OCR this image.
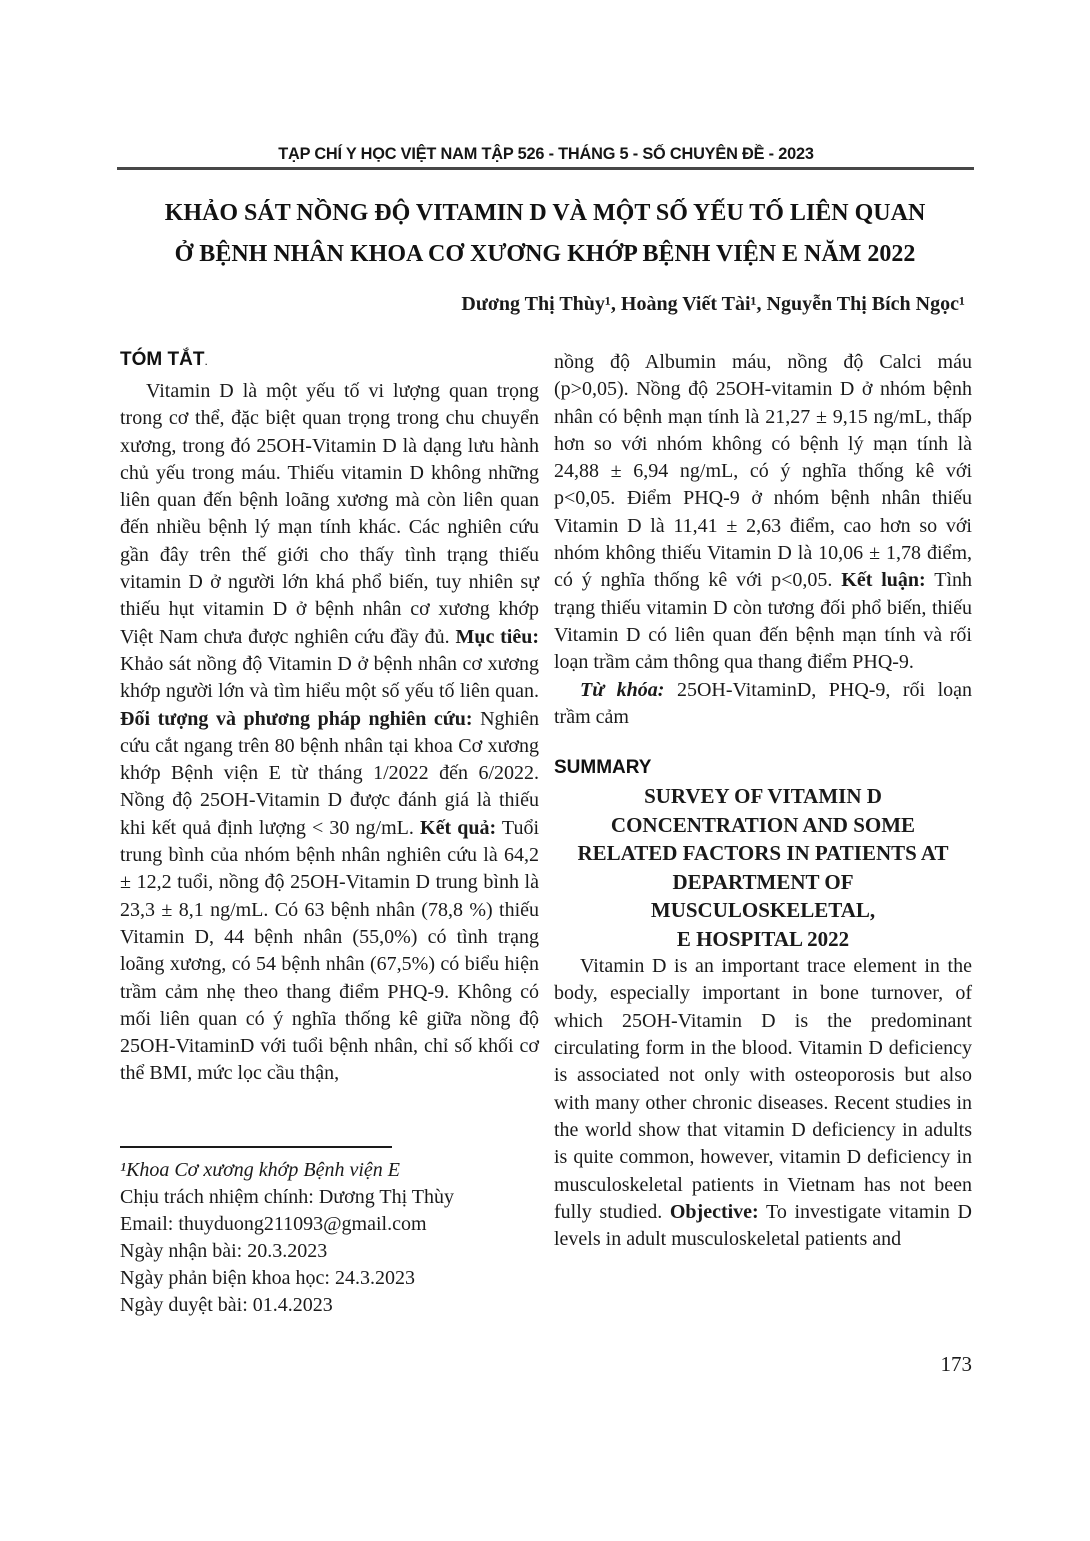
TẠP CHÍ Y HỌC VIỆT NAM TẬP 526 - THÁNG 5 - SỐ CHUYÊN ĐỀ - 2023
KHẢO SÁT NỒNG ĐỘ VITAMIN D VÀ MỘT SỐ YẾU TỐ LIÊN QUAN
Ở BỆNH NHÂN KHOA CƠ XƯƠNG KHỚP BỆNH VIỆN E NĂM 2022
Dương Thị Thùy¹, Hoàng Viết Tài¹, Nguyễn Thị Bích Ngọc¹
TÓM TẮT.

Vitamin D là một yếu tố vi lượng quan trọng trong cơ thể, đặc biệt quan trọng trong chu chuyển xương, trong đó 25OH-Vitamin D là dạng lưu hành chủ yếu trong máu. Thiếu vitamin D không những liên quan đến bệnh loãng xương mà còn liên quan đến nhiều bệnh lý mạn tính khác. Các nghiên cứu gần đây trên thế giới cho thấy tình trạng thiếu vitamin D ở người lớn khá phổ biến, tuy nhiên sự thiếu hụt vitamin D ở bệnh nhân cơ xương khớp Việt Nam chưa được nghiên cứu đầy đủ. Mục tiêu: Khảo sát nồng độ Vitamin D ở bệnh nhân cơ xương khớp người lớn và tìm hiểu một số yếu tố liên quan. Đối tượng và phương pháp nghiên cứu: Nghiên cứu cắt ngang trên 80 bệnh nhân tại khoa Cơ xương khớp Bệnh viện E từ tháng 1/2022 đến 6/2022. Nồng độ 25OH-Vitamin D được đánh giá là thiếu khi kết quả định lượng < 30 ng/mL. Kết quả: Tuổi trung bình của nhóm bệnh nhân nghiên cứu là 64,2 ± 12,2 tuổi, nồng độ 25OH-Vitamin D trung bình là 23,3 ± 8,1 ng/mL. Có 63 bệnh nhân (78,8 %) thiếu Vitamin D, 44 bệnh nhân (55,0%) có tình trạng loãng xương, có 54 bệnh nhân (67,5%) có biểu hiện trầm cảm nhẹ theo thang điểm PHQ-9. Không có mối liên quan có ý nghĩa thống kê giữa nồng độ 25OH-VitaminD với tuổi bệnh nhân, chỉ số khối cơ thể BMI, mức lọc cầu thận,

nồng độ Albumin máu, nồng độ Calci máu (p>0,05). Nồng độ 25OH-vitamin D ở nhóm bệnh nhân có bệnh mạn tính là 21,27 ± 9,15 ng/mL, thấp hơn so với nhóm không có bệnh lý mạn tính là 24,88 ± 6,94 ng/mL, có ý nghĩa thống kê với p<0,05. Điểm PHQ-9 ở nhóm bệnh nhân thiếu Vitamin D là 11,41 ± 2,63 điểm, cao hơn so với nhóm không thiếu Vitamin D là 10,06 ± 1,78 điểm, có ý nghĩa thống kê với p<0,05. Kết luận: Tình trạng thiếu vitamin D còn tương đối phổ biến, thiếu Vitamin D có liên quan đến bệnh mạn tính và rối loạn trầm cảm thông qua thang điểm PHQ-9.

Từ khóa: 25OH-VitaminD, PHQ-9, rối loạn trầm cảm

SUMMARY
SURVEY OF VITAMIN D
CONCENTRATION AND SOME
RELATED FACTORS IN PATIENTS AT
DEPARTMENT OF
MUSCULOSKELETAL,
E HOSPITAL 2022

Vitamin D is an important trace element in the body, especially important in bone turnover, of which 25OH-Vitamin D is the predominant circulating form in the blood. Vitamin D deficiency is associated not only with osteoporosis but also with many other chronic diseases. Recent studies in the world show that vitamin D deficiency in adults is quite common, however, vitamin D deficiency in musculoskeletal patients in Vietnam has not been fully studied. Objective: To investigate vitamin D levels in adult musculoskeletal patients and

¹Khoa Cơ xương khớp Bệnh viện E
Chịu trách nhiệm chính: Dương Thị Thùy
Email: thuyduong211093@gmail.com
Ngày nhận bài: 20.3.2023
Ngày phản biện khoa học: 24.3.2023
Ngày duyệt bài: 01.4.2023
173
